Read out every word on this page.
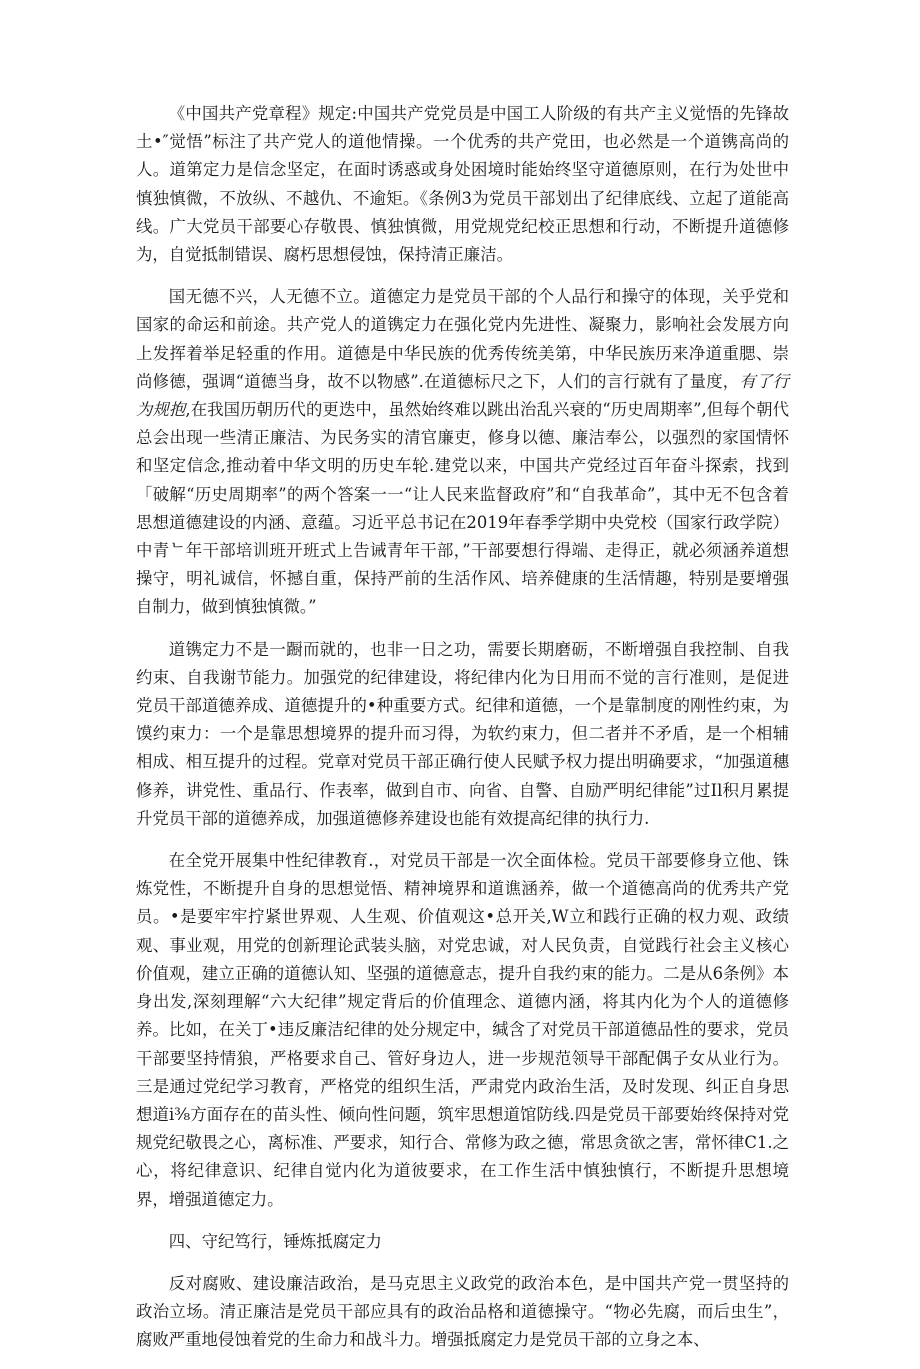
《中国共产党章程》规定:中国共产党党员是中国工人阶级的有共产主义觉悟的先锋故土•″觉悟”标注了共产党人的道他情操。一个优秀的共产党田，也必然是一个道镌高尚的人。道第定力是信念坚定，在面时诱惑或身处困境时能始终坚守道德原则，在行为处世中慎独慎微，不放纵、不越仇、不逾矩。《条例3为党员干部划出了纪律底线、立起了道能高线。广大党员干部要心存敬畏、慎独慎微，用党规党纪校正思想和行动，不断提升道德修为，自觉抵制错误、腐朽思想侵蚀，保持清正廉洁。

国无德不兴，人无德不立。道德定力是党员干部的个人品行和操守的体现，关乎党和国家的命运和前途。共产党人的道镌定力在强化党内先进性、凝聚力，影响社会发展方向上发挥着举足轻重的作用。道德是中华民族的优秀传统美第，中华民族历来净道重腮、崇尚修德，强调“道德当身，故不以物感”.在道德标尺之下，人们的言行就有了量度，有了行为规抱,在我国历朝历代的更迭中，虽然始终难以跳出治乱兴衰的“历史周期率”,但每个朝代总会出现一些清正廉洁、为民务实的清官廉吏，修身以德、廉洁奉公，以强烈的家国情怀和坚定信念,推动着中华文明的历史车轮.建党以来，中国共产党经过百年奋斗探索，找到「破解“历史周期率”的两个答案一一“让人民来监督政府”和“自我革命”，其中无不包含着思想道德建设的内涵、意蕴。习近平总书记在2019年春季学期中央党校（国家行政学院）中青ᄂ年干部培训班开班式上告诫青年干部，”干部要想行得端、走得正，就必须涵养道想操守，明礼诚信，怀撼自重，保持严前的生活作风、培养健康的生活情趣，特别是要增强自制力，做到慎独慎微。”

道镌定力不是一蹰而就的，也非一日之功，需要长期磨砺，不断增强自我控制、自我约束、自我谢节能力。加强党的纪律建设，将纪律内化为日用而不觉的言行准则，是促进党员干部道德养成、道德提升的•种重要方式。纪律和道德，一个是靠制度的刚性约束，为馍约束力：一个是靠思想境界的提升而习得，为软约束力，但二者并不矛盾，是一个相辅相成、相互提升的过程。党章对党员干部正确行使人民赋予权力提出明确要求，“加强道穗修养，讲党性、重品行、作表率，做到自市、向省、自警、自励严明纪律能”过Il积月累提升党员干部的道德养成，加强道德修养建设也能有效提高纪律的执行力.

在全党开展集中性纪律教育.，对党员干部是一次全面体检。党员干部要修身立他、铢炼党性，不断提升自身的思想觉悟、精神境界和道谯涵养，做一个道德高尚的优秀共产党员。•是要牢牢拧紧世界观、人生观、价值观这•总开关,W立和践行正确的权力观、政绩观、事业观，用党的创新理论武装头脑，对党忠诚，对人民负责，自觉践行社会主义核心价值观，建立正确的道德认知、坚强的道德意志，提升自我约束的能力。二是从6条例》本身出发,深刻理解“六大纪律”规定背后的价值理念、道德内涵，将其内化为个人的道德修养。比如，在关丁•违反廉洁纪律的处分规定中，缄含了对党员干部道德品性的要求，党员干部要坚持情狼，严格要求自己、管好身边人，进一步规范领导干部配偶子女从业行为。三是通过党纪学习教育，严格党的组织生活，严肃党内政治生活，及时发现、纠正自身思想道i⅜方面存在的苗头性、倾向性问题，筑牢思想道馆防线.四是党员干部要始终保持对党规党纪敬畏之心，离标准、严要求，知行合、常修为政之德，常思贪欲之害，常怀律C1.之心，将纪律意识、纪律自觉内化为道彼要求，在工作生活中慎独慎行，不断提升思想境界，增强道德定力。

四、守纪笃行，锤炼抵腐定力

反对腐败、建设廉洁政治，是马克思主义政党的政治本色，是中国共产党一贯坚持的政治立场。清正廉洁是党员干部应具有的政治品格和道德操守。“物必先腐，而后虫生”，腐败严重地侵蚀着党的生命力和战斗力。增强抵腐定力是党员干部的立身之本、
